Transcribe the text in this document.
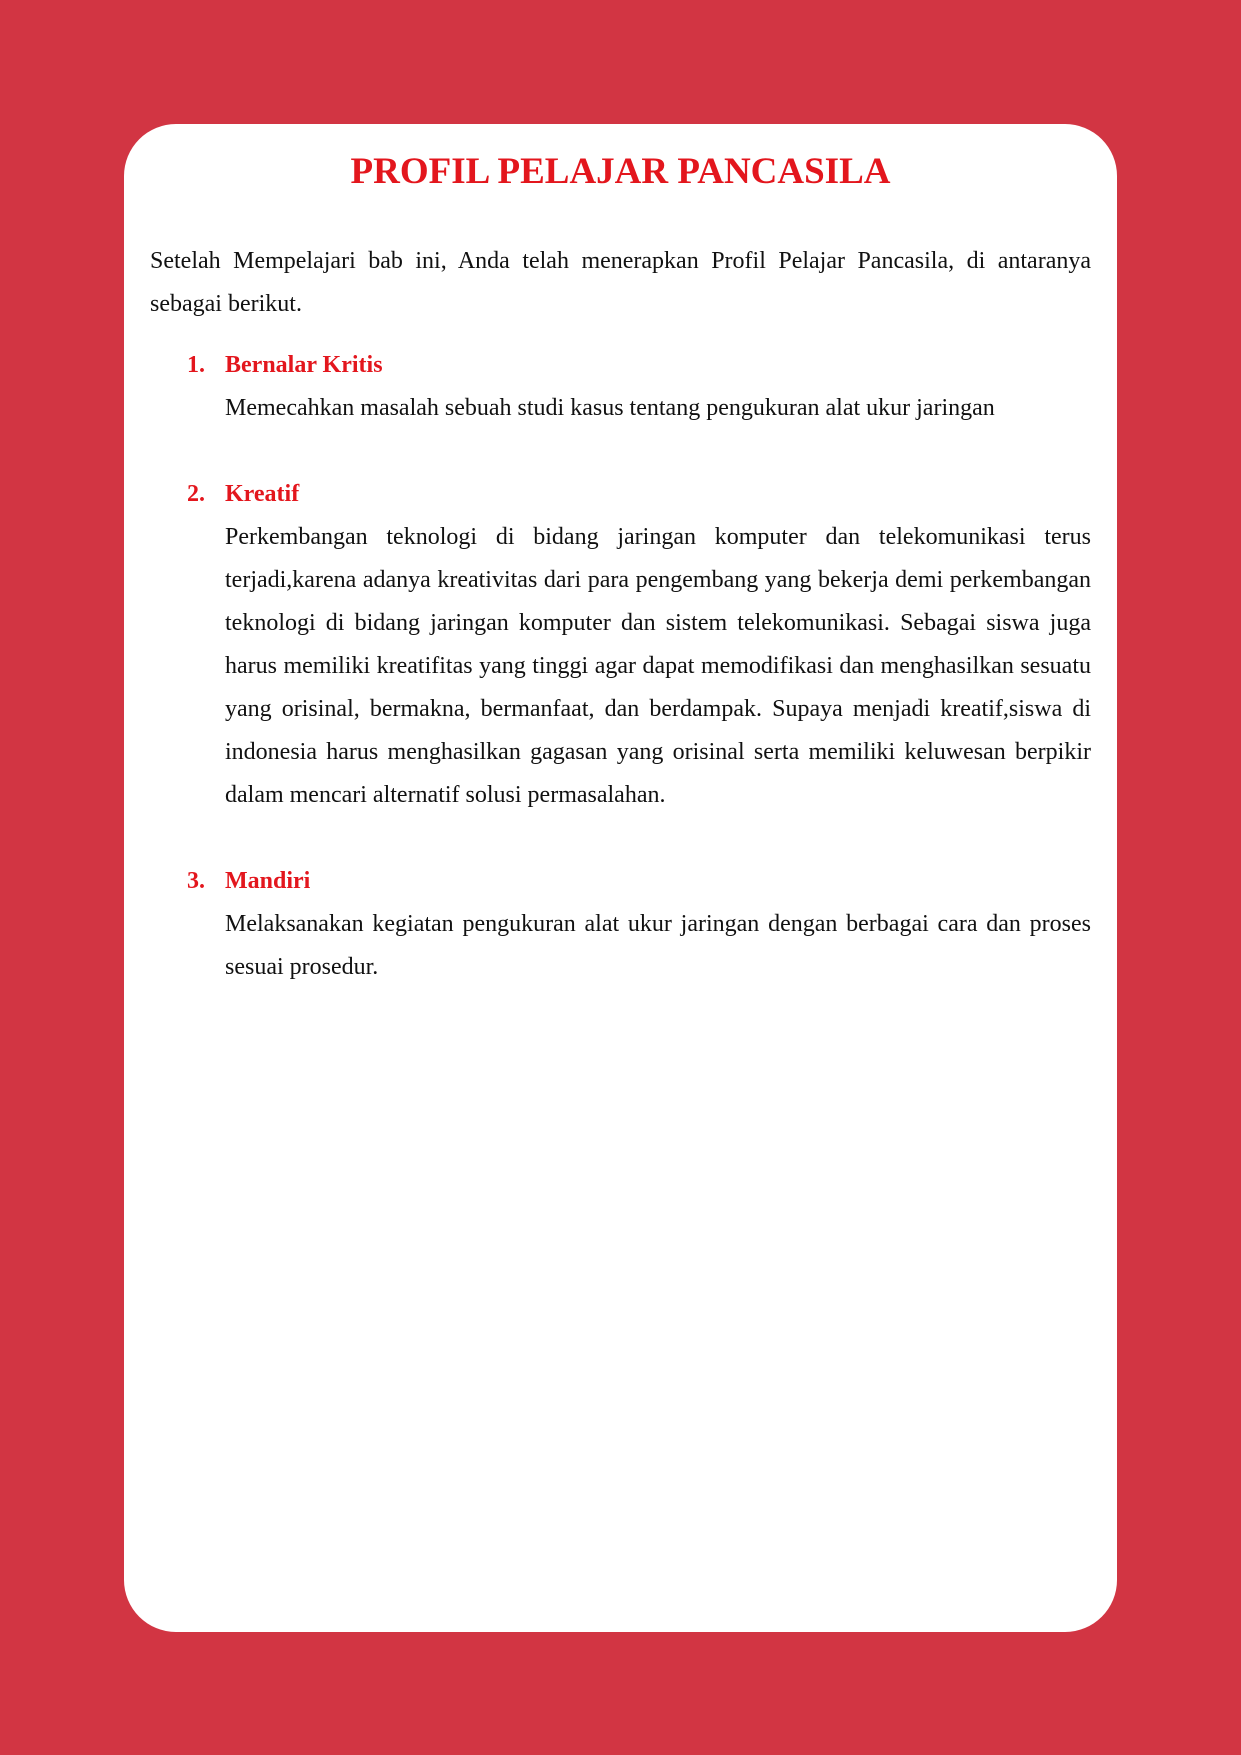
PROFIL PELAJAR PANCASILA

Setelah Mempelajari bab ini, Anda telah menerapkan Profil Pelajar Pancasila, di antaranya sebagai berikut.

1. Bernalar Kritis

Memecahkan masalah sebuah studi kasus tentang pengukuran alat ukur jaringan

2. Kreatif

Perkembangan teknologi di bidang jaringan komputer dan telekomunikasi terus terjadi,karena adanya kreativitas dari para pengembang yang bekerja demi perkembangan teknologi di bidang jaringan komputer dan sistem telekomunikasi. Sebagai siswa juga harus memiliki kreatifitas yang tinggi agar dapat memodifikasi dan menghasilkan sesuatu yang orisinal, bermakna, bermanfaat, dan berdampak. Supaya menjadi kreatif,siswa di indonesia harus menghasilkan gagasan yang orisinal serta memiliki keluwesan berpikir dalam mencari alternatif solusi permasalahan.

3. Mandiri

Melaksanakan kegiatan pengukuran alat ukur jaringan dengan berbagai cara dan proses sesuai prosedur.
